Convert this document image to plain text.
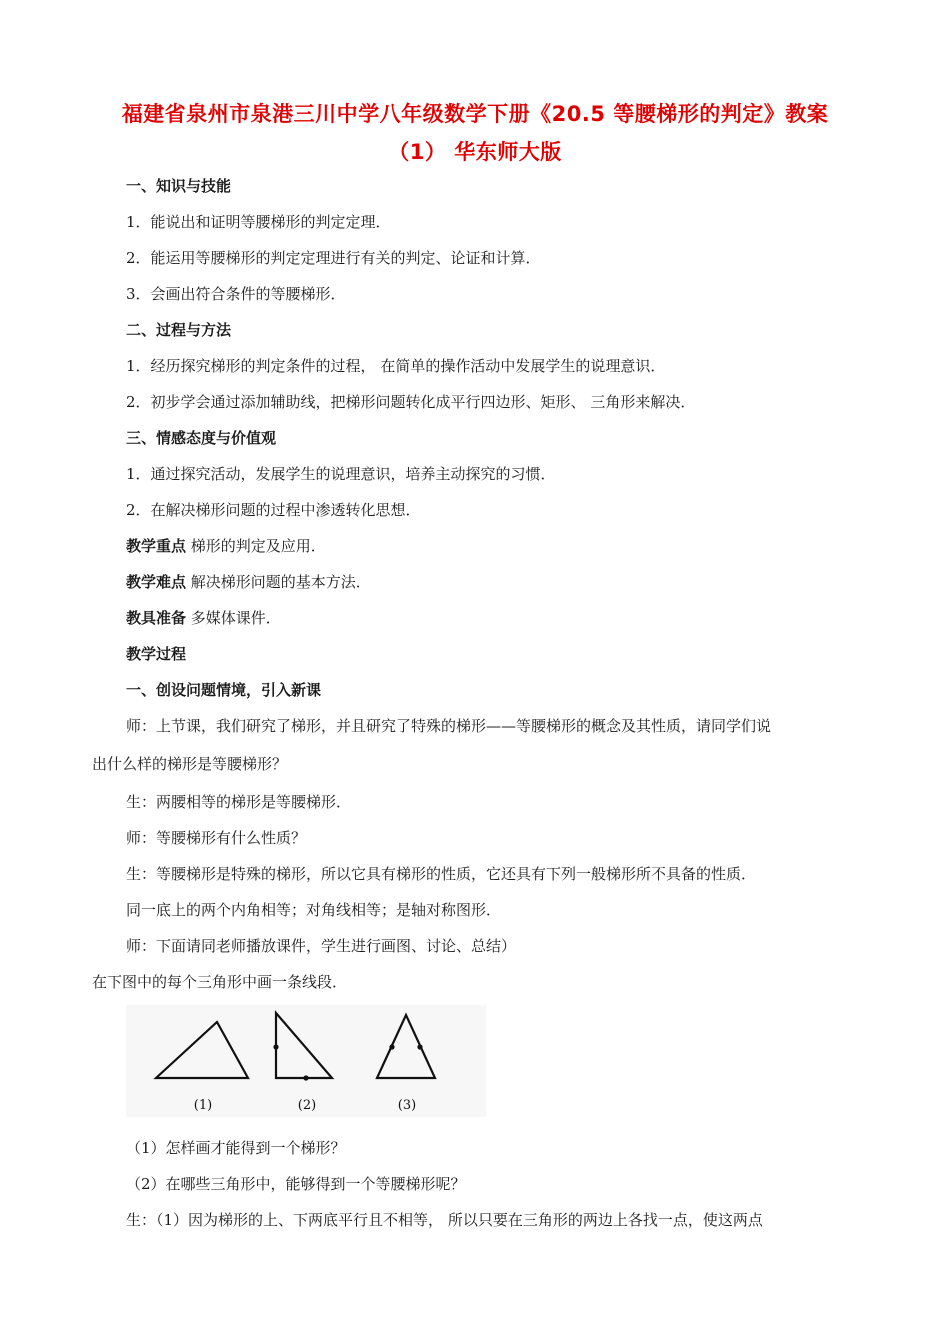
福建省泉州市泉港三川中学八年级数学下册《20.5 等腰梯形的判定》教案
（1） 华东师大版
一、知识与技能
1．能说出和证明等腰梯形的判定定理．
2．能运用等腰梯形的判定定理进行有关的判定、论证和计算．
3．会画出符合条件的等腰梯形．
二、过程与方法
1．经历探究梯形的判定条件的过程， 在简单的操作活动中发展学生的说理意识．
2．初步学会通过添加辅助线，把梯形问题转化成平行四边形、矩形、 三角形来解决．
三、情感态度与价值观
1．通过探究活动，发展学生的说理意识，培养主动探究的习惯．
2．在解决梯形问题的过程中渗透转化思想．
教学重点 梯形的判定及应用．
教学难点 解决梯形问题的基本方法．
教具准备 多媒体课件．
教学过程
一、创设问题情境，引入新课
师：上节课，我们研究了梯形，并且研究了特殊的梯形——等腰梯形的概念及其性质，请同学们说
出什么样的梯形是等腰梯形？
生：两腰相等的梯形是等腰梯形．
师：等腰梯形有什么性质？
生：等腰梯形是特殊的梯形，所以它具有梯形的性质，它还具有下列一般梯形所不具备的性质．
同一底上的两个内角相等；对角线相等；是轴对称图形．
师：下面请同老师播放课件，学生进行画图、讨论、总结）
在下图中的每个三角形中画一条线段．
(1)	(2)	(3)
（1）怎样画才能得到一个梯形？
（2）在哪些三角形中，能够得到一个等腰梯形呢？
生：（1）因为梯形的上、下两底平行且不相等， 所以只要在三角形的两边上各找一点，使这两点
